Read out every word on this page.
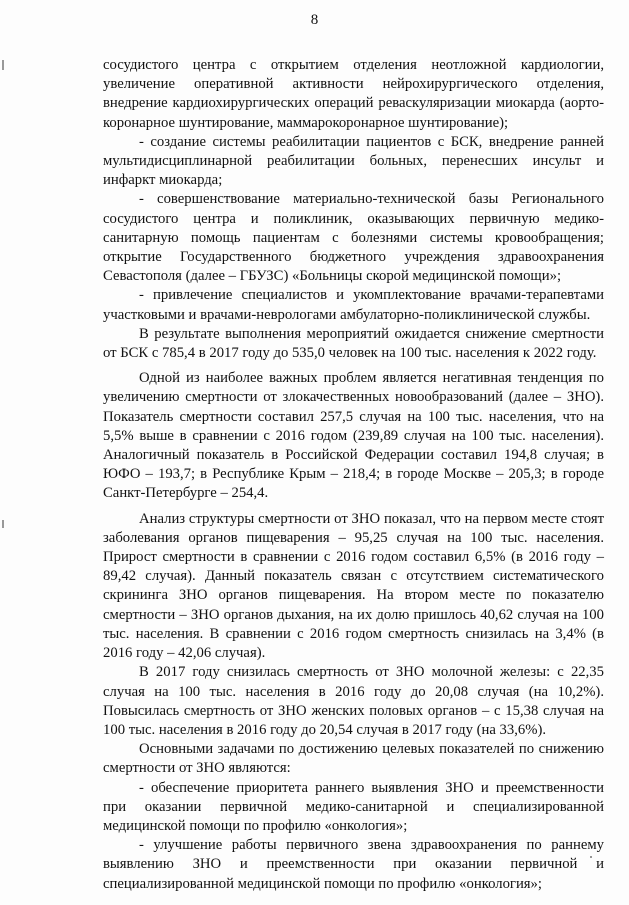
8

сосудистого центра с открытием отделения неотложной кардиологии, увеличение оперативной активности нейрохирургического отделения, внедрение кардиохирургических операций реваскуляризации миокарда (аорто-коронарное шунтирование, маммарокоронарное шунтирование);

- создание системы реабилитации пациентов с БСК, внедрение ранней мультидисциплинарной реабилитации больных, перенесших инсульт и инфаркт миокарда;

- совершенствование материально-технической базы Регионального сосудистого центра и поликлиник, оказывающих первичную медико-санитарную помощь пациентам с болезнями системы кровообращения; открытие Государственного бюджетного учреждения здравоохранения Севастополя (далее – ГБУЗС) «Больницы скорой медицинской помощи»;

- привлечение специалистов и укомплектование врачами-терапевтами участковыми и врачами-неврологами амбулаторно-поликлинической службы.

В результате выполнения мероприятий ожидается снижение смертности от БСК с 785,4 в 2017 году до 535,0 человек на 100 тыс. населения к 2022 году.

Одной из наиболее важных проблем является негативная тенденция по увеличению смертности от злокачественных новообразований (далее – ЗНО). Показатель смертности составил 257,5 случая на 100 тыс. населения, что на 5,5% выше в сравнении с 2016 годом (239,89 случая на 100 тыс. населения). Аналогичный показатель в Российской Федерации составил 194,8 случая; в ЮФО – 193,7; в Республике Крым – 218,4; в городе Москве – 205,3; в городе Санкт-Петербурге – 254,4.

Анализ структуры смертности от ЗНО показал, что на первом месте стоят заболевания органов пищеварения – 95,25 случая на 100 тыс. населения. Прирост смертности в сравнении с 2016 годом составил 6,5% (в 2016 году – 89,42 случая). Данный показатель связан с отсутствием систематического скрининга ЗНО органов пищеварения. На втором месте по показателю смертности – ЗНО органов дыхания, на их долю пришлось 40,62 случая на 100 тыс. населения. В сравнении с 2016 годом смертность снизилась на 3,4% (в 2016 году – 42,06 случая).

В 2017 году снизилась смертность от ЗНО молочной железы: с 22,35 случая на 100 тыс. населения в 2016 году до 20,08 случая (на 10,2%). Повысилась смертность от ЗНО женских половых органов – с 15,38 случая на 100 тыс. населения в 2016 году до 20,54 случая в 2017 году (на 33,6%).

Основными задачами по достижению целевых показателей по снижению смертности от ЗНО являются:

- обеспечение приоритета раннего выявления ЗНО и преемственности при оказании первичной медико-санитарной и специализированной медицинской помощи по профилю «онкология»;

- улучшение работы первичного звена здравоохранения по раннему выявлению ЗНО и преемственности при оказании первичной и специализированной медицинской помощи по профилю «онкология»;
